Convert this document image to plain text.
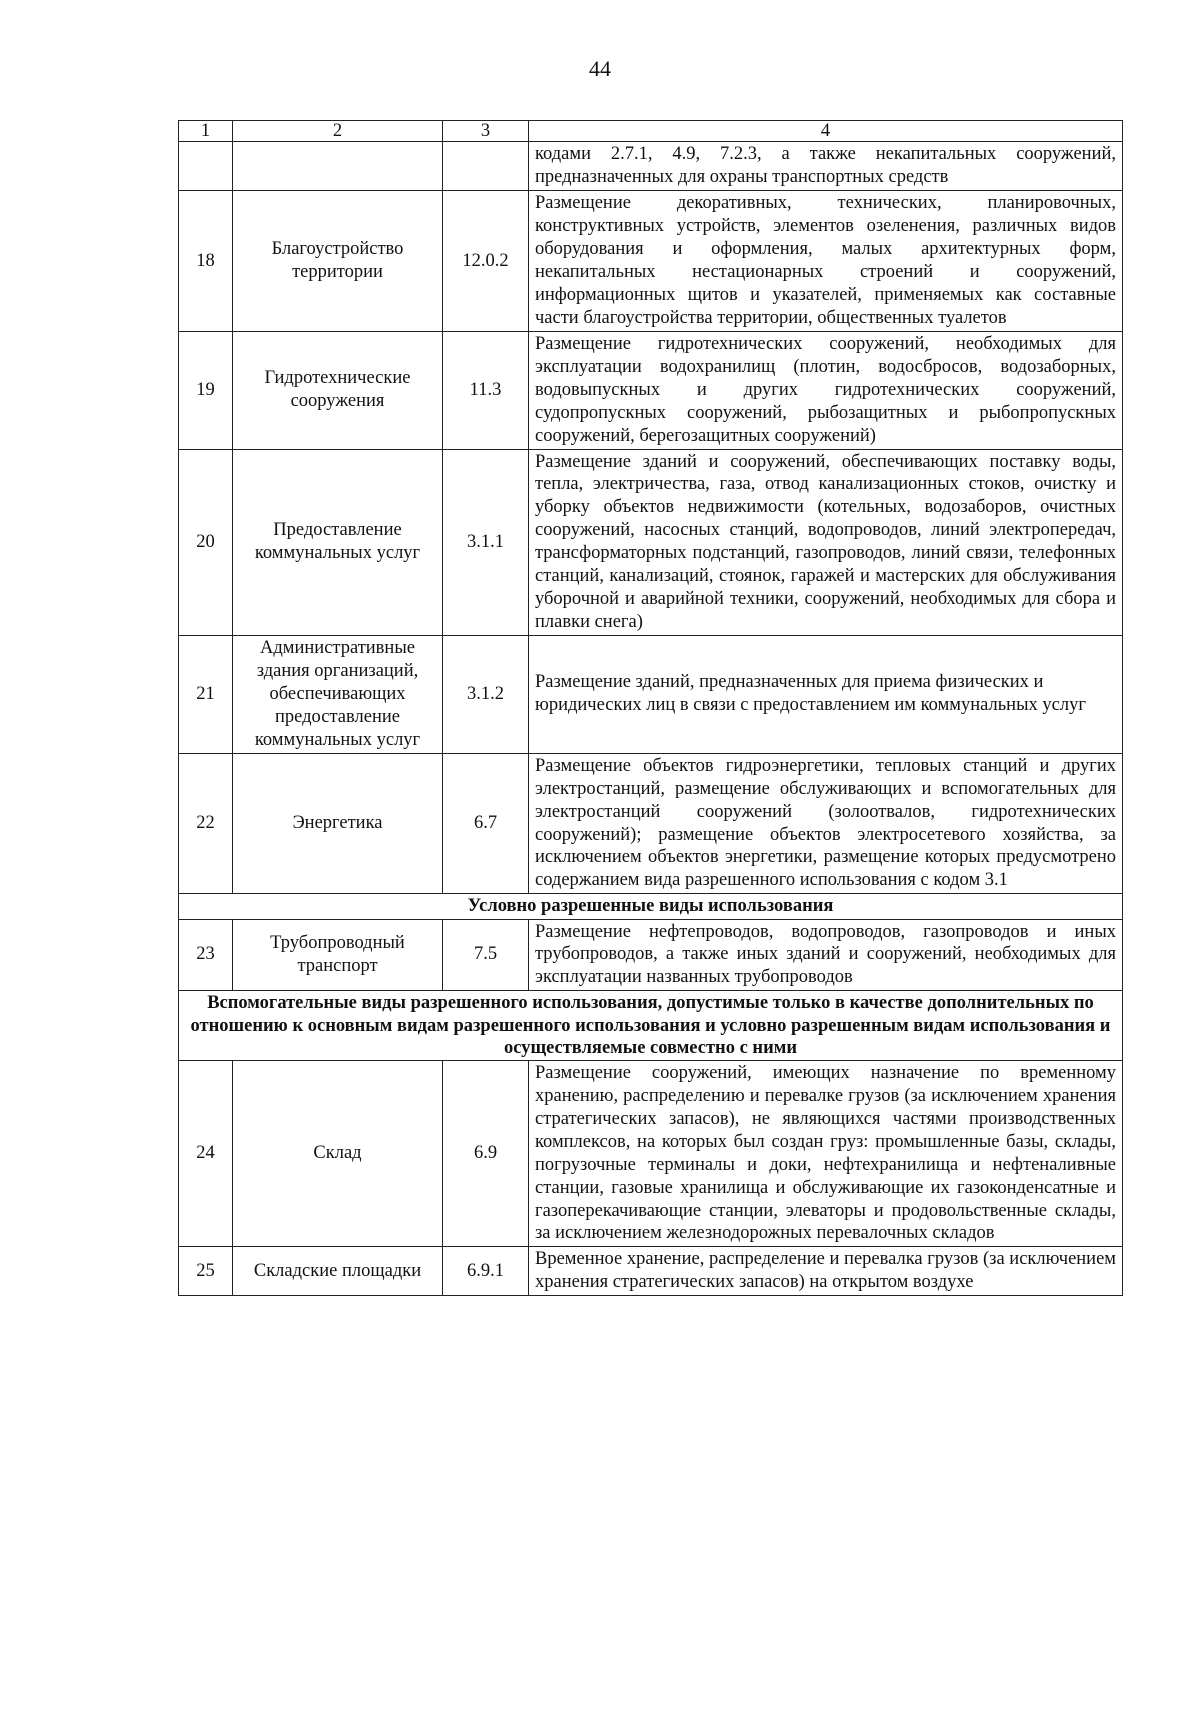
44
1	2	3	4
			кодами 2.7.1, 4.9, 7.2.3, а также некапитальных сооружений, предназначенных для охраны транспортных средств
18	Благоустройство территории	12.0.2	Размещение декоративных, технических, планировочных, конструктивных устройств, элементов озеленения, различных видов оборудования и оформления, малых архитектурных форм, некапитальных нестационарных строений и сооружений, информационных щитов и указателей, применяемых как составные части благоустройства территории, общественных туалетов
19	Гидротехнические сооружения	11.3	Размещение гидротехнических сооружений, необходимых для эксплуатации водохранилищ (плотин, водосбросов, водозаборных, водовыпускных и других гидротехнических сооружений, судопропускных сооружений, рыбозащитных и рыбопропускных сооружений, берегозащитных сооружений)
20	Предоставление коммунальных услуг	3.1.1	Размещение зданий и сооружений, обеспечивающих поставку воды, тепла, электричества, газа, отвод канализационных стоков, очистку и уборку объектов недвижимости (котельных, водозаборов, очистных сооружений, насосных станций, водопроводов, линий электропередач, трансформаторных подстанций, газопроводов, линий связи, телефонных станций, канализаций, стоянок, гаражей и мастерских для обслуживания уборочной и аварийной техники, сооружений, необходимых для сбора и плавки снега)
21	Административные здания организаций, обеспечивающих предоставление коммунальных услуг	3.1.2	Размещение зданий, предназначенных для приема физических и юридических лиц в связи с предоставлением им коммунальных услуг
22	Энергетика	6.7	Размещение объектов гидроэнергетики, тепловых станций и других электростанций, размещение обслуживающих и вспомогательных для электростанций сооружений (золоотвалов, гидротехнических сооружений); размещение объектов электросетевого хозяйства, за исключением объектов энергетики, размещение которых предусмотрено содержанием вида разрешенного использования с кодом 3.1
Условно разрешенные виды использования			
23	Трубопроводный транспорт	7.5	Размещение нефтепроводов, водопроводов, газопроводов и иных трубопроводов, а также иных зданий и сооружений, необходимых для эксплуатации названных трубопроводов
Вспомогательные виды разрешенного использования, допустимые только в качестве дополнительных по отношению к основным видам разрешенного использования и условно разрешенным видам использования и осуществляемые совместно с ними			
24	Склад	6.9	Размещение сооружений, имеющих назначение по временному хранению, распределению и перевалке грузов (за исключением хранения стратегических запасов), не являющихся частями производственных комплексов, на которых был создан груз: промышленные базы, склады, погрузочные терминалы и доки, нефтехранилища и нефтеналивные станции, газовые хранилища и обслуживающие их газоконденсатные и газоперекачивающие станции, элеваторы и продовольственные склады, за исключением железнодорожных перевалочных складов
25	Складские площадки	6.9.1	Временное хранение, распределение и перевалка грузов (за исключением хранения стратегических запасов) на открытом воздухе
